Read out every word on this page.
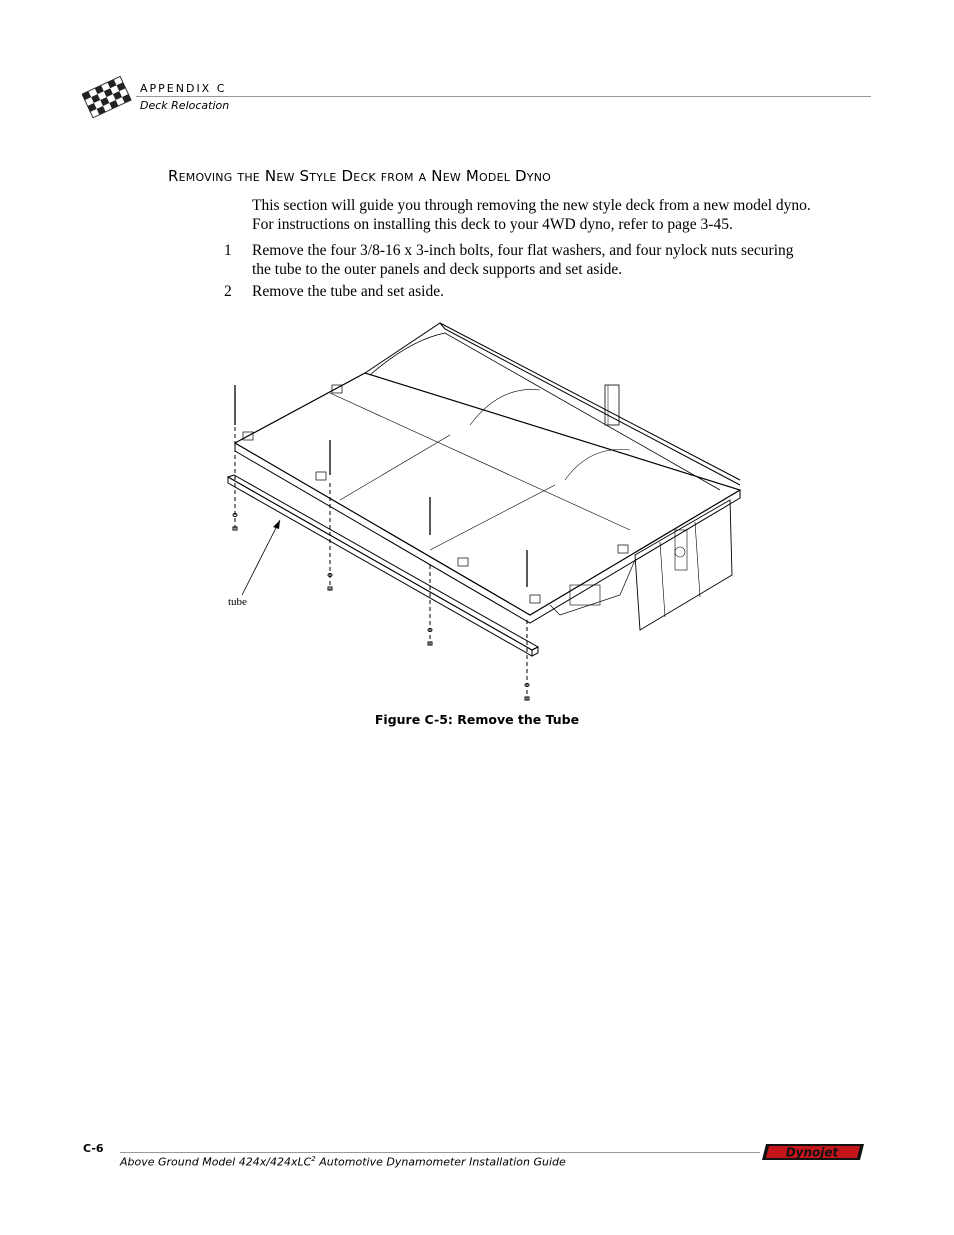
APPENDIX C
Deck Relocation
Removing the New Style Deck from a New Model Dyno
This section will guide you through removing the new style deck from a new model dyno. For instructions on installing this deck to your 4WD dyno, refer to page 3-45.
1 Remove the four 3/8-16 x 3-inch bolts, four flat washers, and four nylock nuts securing the tube to the outer panels and deck supports and set aside.
2 Remove the tube and set aside.
tube
Figure C-5: Remove the Tube
C-6
Above Ground Model 424x/424xLC$^2$ Automotive Dynamometer Installation Guide
Dynojet
